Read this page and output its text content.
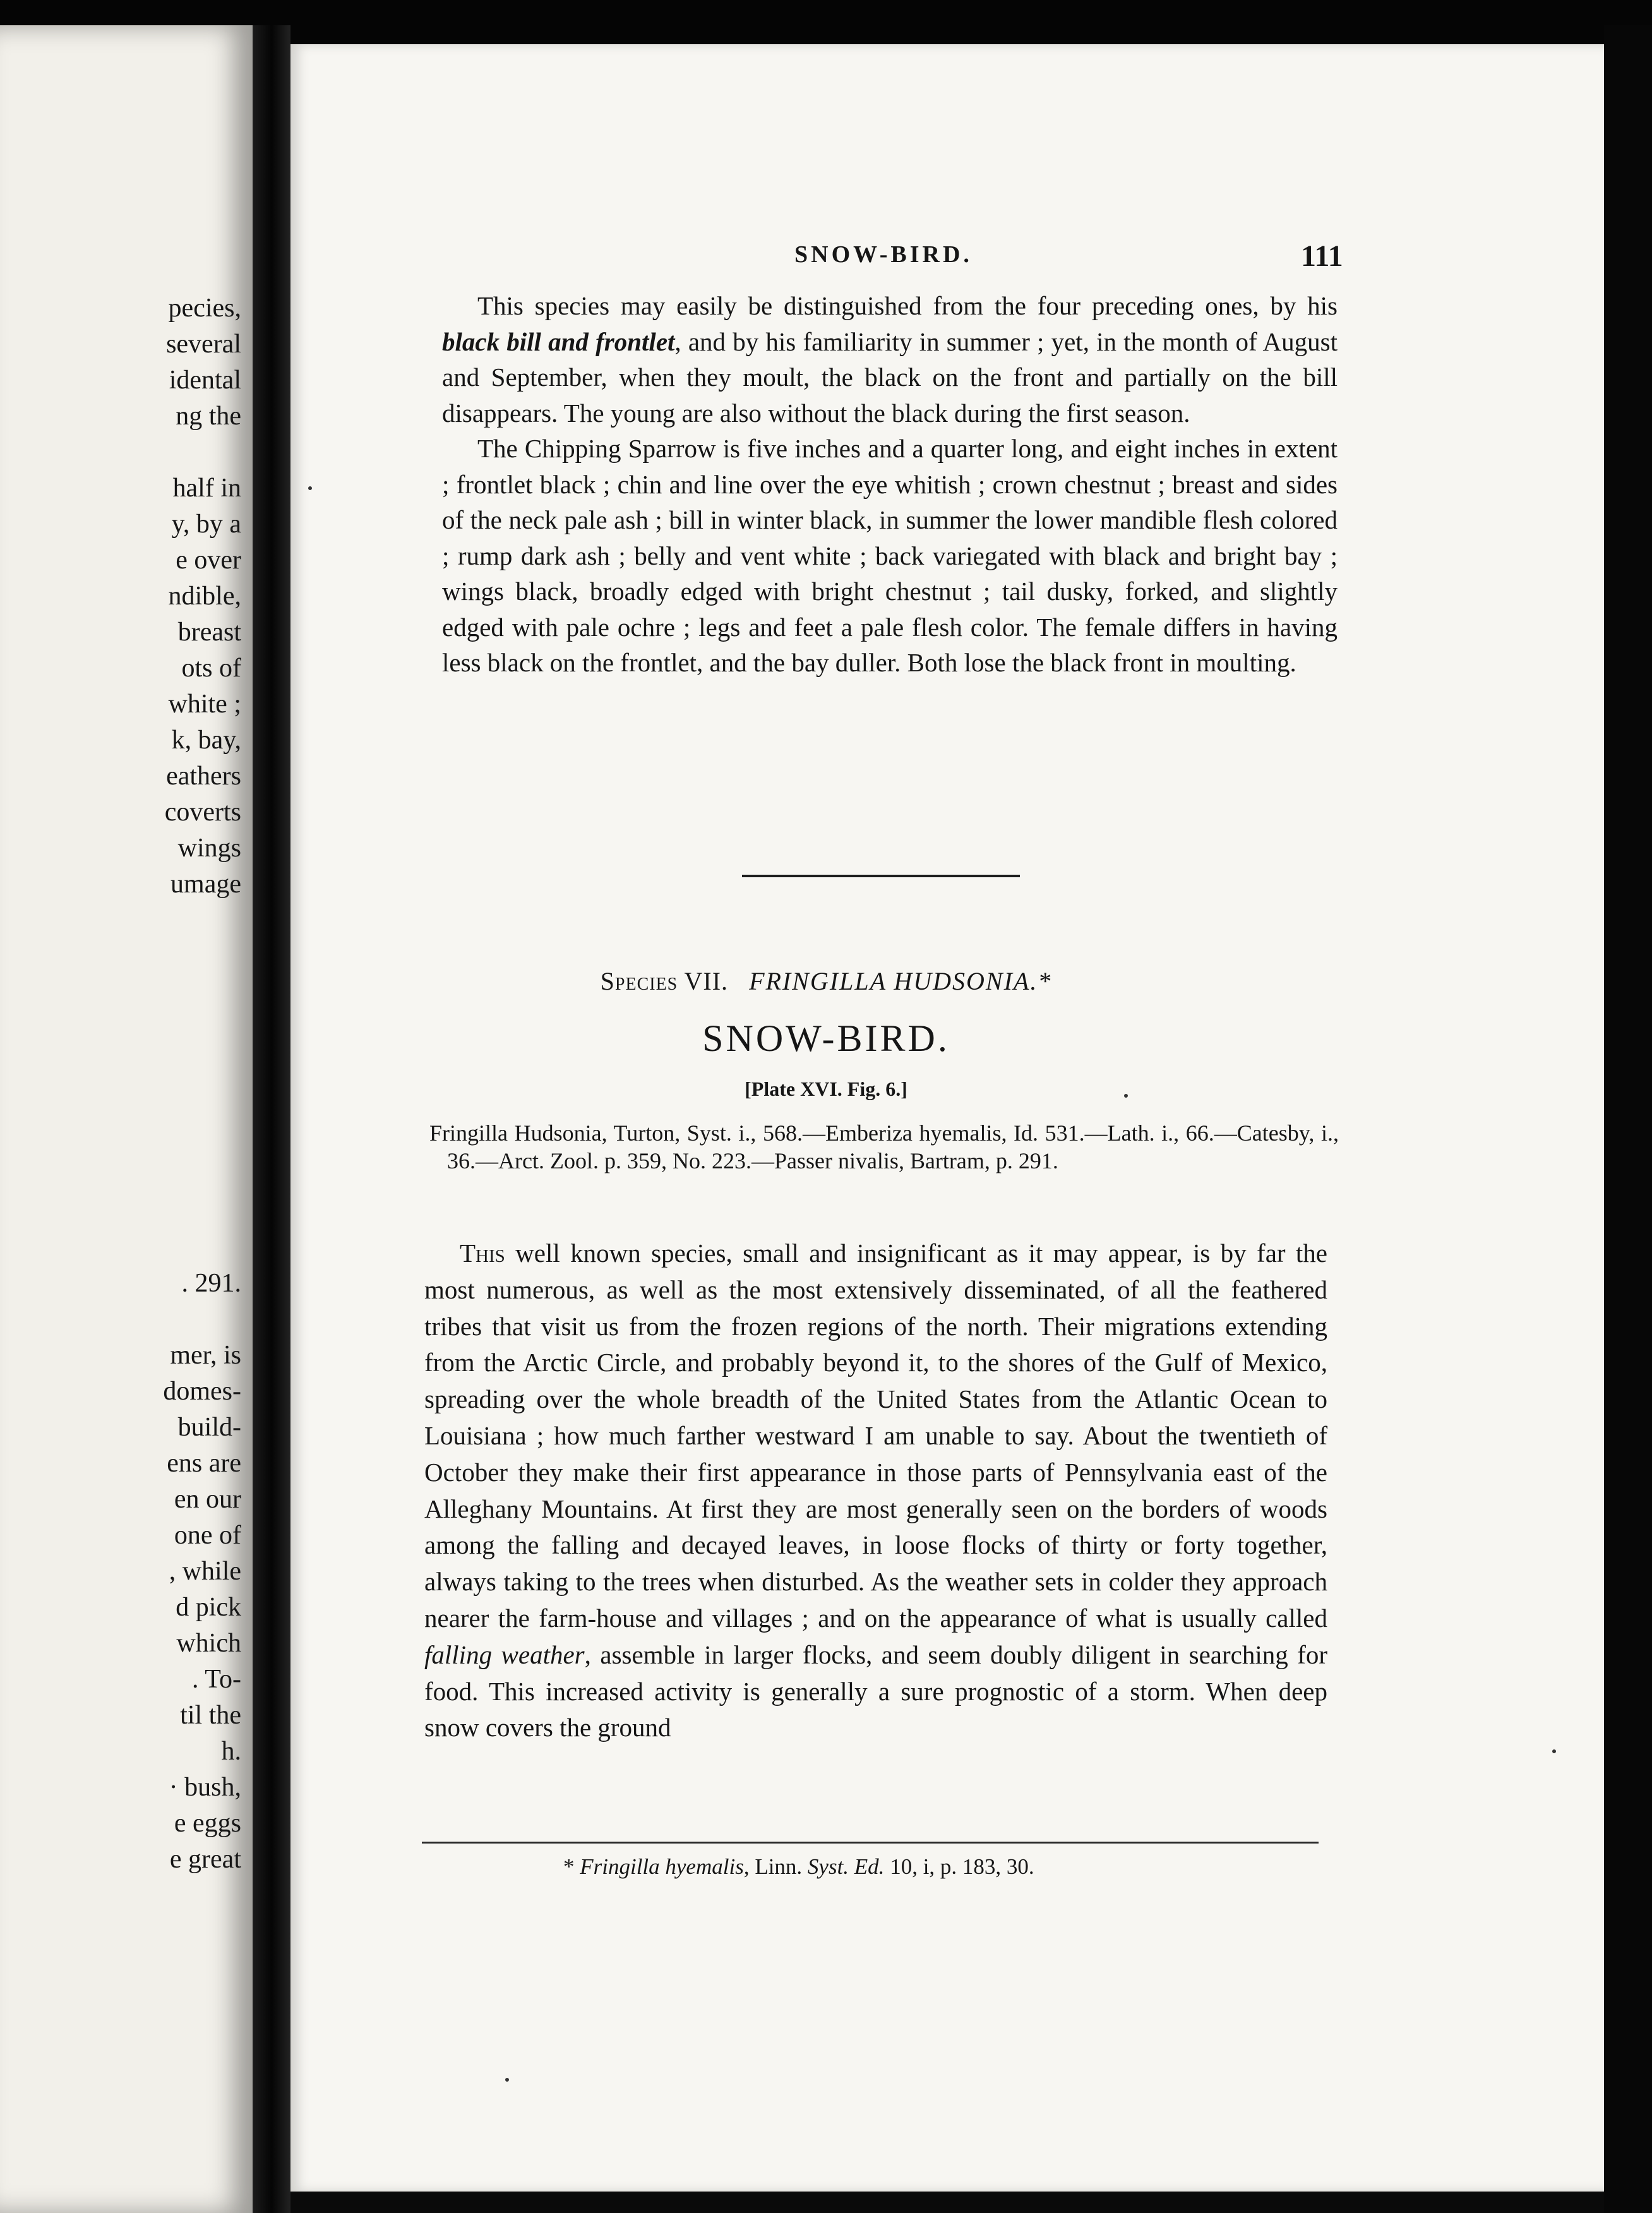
pecies,
several
idental
ng the

half in
y, by a
e over
ndible,
breast
ots of
white ;
k, bay,
eathers
coverts
wings
umage
. 291.

mer, is
domes-
build-
ens are
en our
one of
, while
d pick
which
. To-
til the
h.
· bush,
e eggs
e great
SNOW-BIRD.	111

This species may easily be distinguished from the four preceding ones, by his black bill and frontlet, and by his familiarity in summer ; yet, in the month of August and September, when they moult, the black on the front and partially on the bill disappears. The young are also without the black during the first season.

The Chipping Sparrow is five inches and a quarter long, and eight inches in extent ; frontlet black ; chin and line over the eye whitish ; crown chestnut ; breast and sides of the neck pale ash ; bill in winter black, in summer the lower mandible flesh colored ; rump dark ash ; belly and vent white ; back variegated with black and bright bay ; wings black, broadly edged with bright chestnut ; tail dusky, forked, and slightly edged with pale ochre ; legs and feet a pale flesh color. The female differs in having less black on the frontlet, and the bay duller. Both lose the black front in moulting.

Species VII. FRINGILLA HUDSONIA.*
SNOW-BIRD.
[Plate XVI. Fig. 6.]

Fringilla Hudsonia, Turton, Syst. i., 568.—Emberiza hyemalis, Id. 531.—Lath. i., 66.—Catesby, i., 36.—Arct. Zool. p. 359, No. 223.—Passer nivalis, Bartram, p. 291.

This well known species, small and insignificant as it may appear, is by far the most numerous, as well as the most extensively disseminated, of all the feathered tribes that visit us from the frozen regions of the north. Their migrations extending from the Arctic Circle, and probably beyond it, to the shores of the Gulf of Mexico, spreading over the whole breadth of the United States from the Atlantic Ocean to Louisiana ; how much farther westward I am unable to say. About the twentieth of October they make their first appearance in those parts of Pennsylvania east of the Alleghany Mountains. At first they are most generally seen on the borders of woods among the falling and decayed leaves, in loose flocks of thirty or forty together, always taking to the trees when disturbed. As the weather sets in colder they approach nearer the farm-house and villages ; and on the appearance of what is usually called falling weather, assemble in larger flocks, and seem doubly diligent in searching for food. This increased activity is generally a sure prognostic of a storm. When deep snow covers the ground

* Fringilla hyemalis, Linn. Syst. Ed. 10, i, p. 183, 30.
